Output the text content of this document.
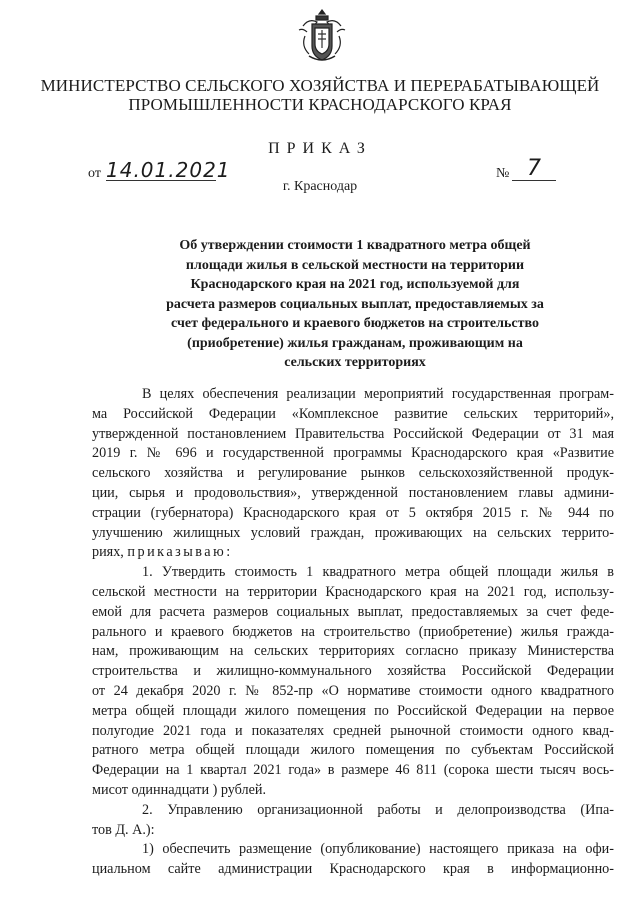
МИНИСТЕРСТВО СЕЛЬСКОГО ХОЗЯЙСТВА И ПЕРЕРАБАТЫВАЮЩЕЙ
ПРОМЫШЛЕННОСТИ КРАСНОДАРСКОГО КРАЯ
ПРИКАЗ
от 14.01.2021	№ 7
г. Краснодар
Об утверждении стоимости 1 квадратного метра общей
площади жилья в сельской местности на территории
Краснодарского края на 2021 год, используемой для
расчета размеров социальных выплат, предоставляемых за
счет федерального и краевого бюджетов на строительство
(приобретение) жилья гражданам, проживающим на
сельских территориях

В целях обеспечения реализации мероприятий государственная програм-
ма Российской Федерации «Комплексное развитие сельских территорий»,
утвержденной постановлением Правительства Российской Федерации от 31 мая
2019 г. № 696 и государственной программы Краснодарского края «Развитие
сельского хозяйства и регулирование рынков сельскохозяйственной продук-
ции, сырья и продовольствия», утвержденной постановлением главы админи-
страции (губернатора) Краснодарского края от 5 октября 2015 г. № 944 по
улучшению жилищных условий граждан, проживающих на сельских террито-
риях, приказываю:

1. Утвердить стоимость 1 квадратного метра общей площади жилья в
сельской местности на территории Краснодарского края на 2021 год, использу-
емой для расчета размеров социальных выплат, предоставляемых за счет феде-
рального и краевого бюджетов на строительство (приобретение) жилья гражда-
нам, проживающим на сельских территориях согласно приказу Министерства
строительства и жилищно-коммунального хозяйства Российской Федерации
от 24 декабря 2020 г. № 852-пр «О нормативе стоимости одного квадратного
метра общей площади жилого помещения по Российской Федерации на первое
полугодие 2021 года и показателях средней рыночной стоимости одного квад-
ратного метра общей площади жилого помещения по субъектам Российской
Федерации на 1 квартал 2021 года» в размере 46 811 (сорока шести тысяч вось-
мисот одиннадцати ) рублей.

2. Управлению организационной работы и делопроизводства (Ипа-
тов Д. А.):

1) обеспечить размещение (опубликование) настоящего приказа на офи-
циальном сайте администрации Краснодарского края в информационно-
